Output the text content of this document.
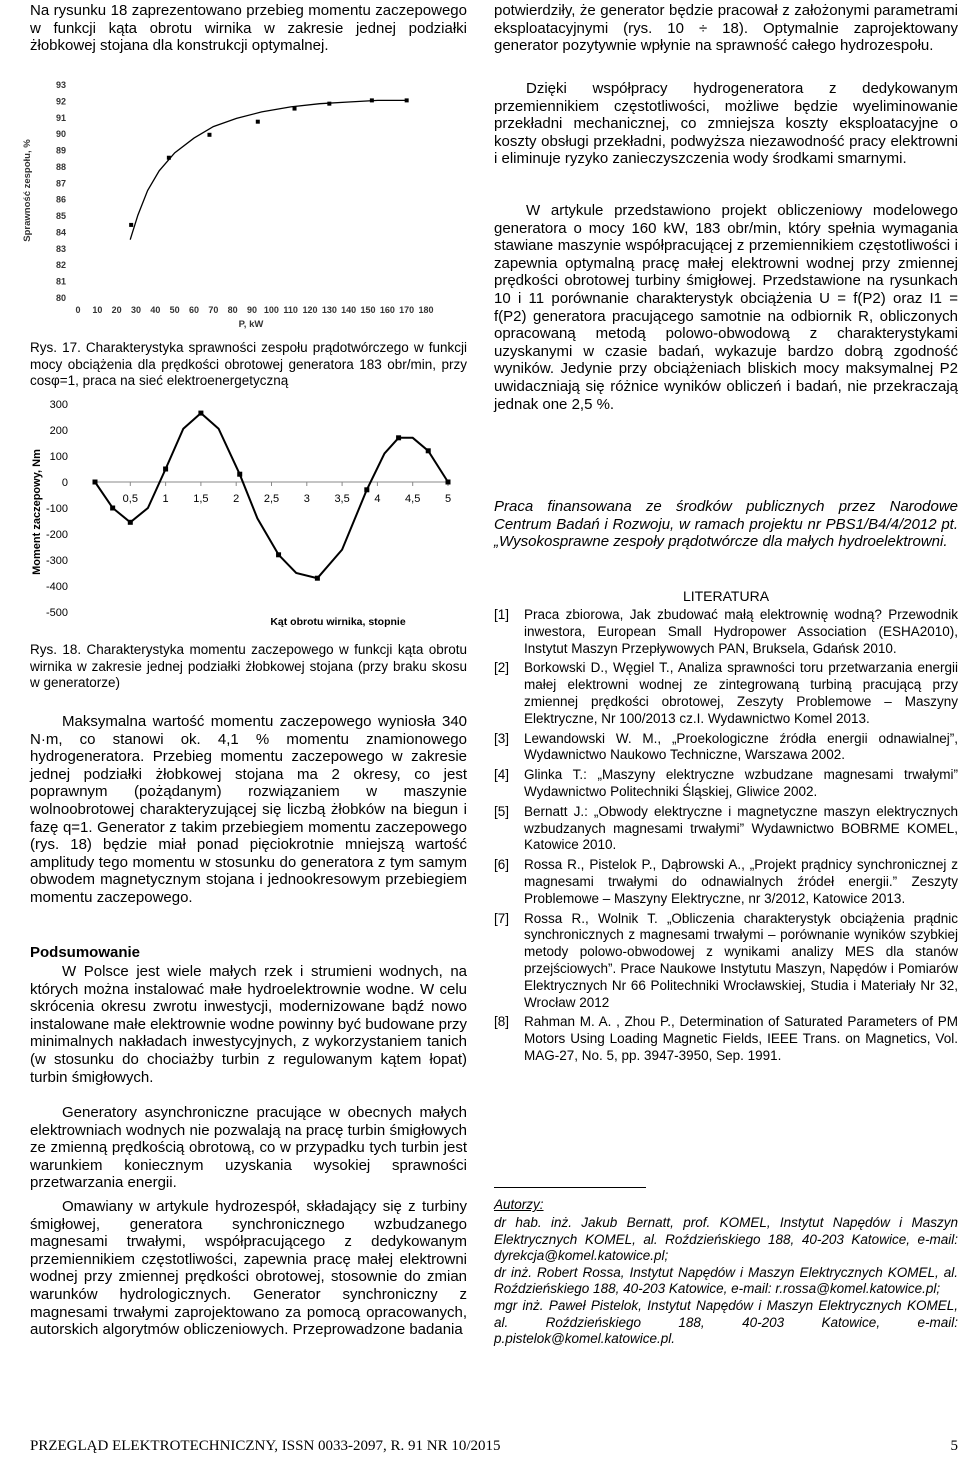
Na rysunku 18 zaprezentowano przebieg momentu zaczepowego w funkcji kąta obrotu wirnika w zakresie jednej podziałki żłobkowej stojana dla konstrukcji optymalnej.

80
81
82
83
84
85
86
87
88
89
90
91
92
93
0 10 20 30 40 50 60 70 80 90 100 110 120 130 140 150 160 170 180
Sprawność zespołu, %
P, kW

Rys. 17. Charakterystyka sprawności zespołu prądotwórczego w funkcji mocy obciążenia dla prędkości obrotowej generatora 183 obr/min, przy cosφ=1, praca na sieć elektroenergetyczną

300
200
100
0
-100
-200
-300
-400
-500
0,5 1 1,5 2 2,5 3 3,5 4 4,5 5
Moment zaczepowy, Nm
Kąt obrotu wirnika, stopnie

Rys. 18. Charakterystyka momentu zaczepowego w funkcji kąta obrotu wirnika w zakresie jednej podziałki żłobkowej stojana (przy braku skosu w generatorze)

Maksymalna wartość momentu zaczepowego wyniosła 340 N·m, co stanowi ok. 4,1 % momentu znamionowego hydrogeneratora. Przebieg momentu zaczepowego w zakresie jednej podziałki żłobkowej stojana ma 2 okresy, co jest poprawnym (pożądanym) rozwiązaniem w maszynie wolnoobrotowej charakteryzującej się liczbą żłobków na biegun i fazę q=1. Generator z takim przebiegiem momentu zaczepowego (rys. 18) będzie miał ponad pięciokrotnie mniejszą wartość amplitudy tego momentu w stosunku do generatora z tym samym obwodem magnetycznym stojana i jednookresowym przebiegiem momentu zaczepowego.

Podsumowanie

W Polsce jest wiele małych rzek i strumieni wodnych, na których można instalować małe hydroelektrownie wodne. W celu skrócenia okresu zwrotu inwestycji, modernizowane bądź nowo instalowane małe elektrownie wodne powinny być budowane przy minimalnych nakładach inwestycyjnych, z wykorzystaniem tanich (w stosunku do chociażby turbin z regulowanym kątem łopat) turbin śmigłowych.

Generatory asynchroniczne pracujące w obecnych małych elektrowniach wodnych nie pozwalają na pracę turbin śmigłowych ze zmienną prędkością obrotową, co w przypadku tych turbin jest warunkiem koniecznym uzyskania wysokiej sprawności przetwarzania energii.

Omawiany w artykule hydrozespół, składający się z turbiny śmigłowej, generatora synchronicznego wzbudzanego magnesami trwałymi, współpracującego z dedykowanym przemiennikiem częstotliwości, zapewnia pracę małej elektrowni wodnej przy zmiennej prędkości obrotowej, stosownie do zmian warunków hydrologicznych. Generator synchroniczny z magnesami trwałymi zaprojektowano za pomocą opracowanych, autorskich algorytmów obliczeniowych. Przeprowadzone badania

potwierdziły, że generator będzie pracował z założonymi parametrami eksploatacyjnymi (rys. 10 ÷ 18). Optymalnie zaprojektowany generator pozytywnie wpłynie na sprawność całego hydrozespołu.

Dzięki współpracy hydrogeneratora z dedykowanym przemiennikiem częstotliwości, możliwe będzie wyeliminowanie przekładni mechanicznej, co zmniejsza koszty eksploatacyjne o koszty obsługi przekładni, podwyższa niezawodność pracy elektrowni i eliminuje ryzyko zanieczyszczenia wody środkami smarnymi.

W artykule przedstawiono projekt obliczeniowy modelowego generatora o mocy 160 kW, 183 obr/min, który spełnia wymagania stawiane maszynie współpracującej z przemiennikiem częstotliwości i zapewnia optymalną pracę małej elektrowni wodnej przy zmiennej prędkości obrotowej turbiny śmigłowej. Przedstawione na rysunkach 10 i 11 porównanie charakterystyk obciążenia U = f(P2) oraz I1 = f(P2) generatora pracującego samotnie na odbiornik R, obliczonych opracowaną metodą polowo-obwodową z charakterystykami uzyskanymi w czasie badań, wykazuje bardzo dobrą zgodność wyników. Jedynie przy obciążeniach bliskich mocy maksymalnej P2 uwidaczniają się różnice wyników obliczeń i badań, nie przekraczają jednak one 2,5 %.

Praca finansowana ze środków publicznych przez Narodowe Centrum Badań i Rozwoju, w ramach projektu nr PBS1/B4/4/2012 pt. „Wysokosprawne zespoły prądotwórcze dla małych hydroelektrowni.

LITERATURA

[1] Praca zbiorowa, Jak zbudować małą elektrownię wodną? Przewodnik inwestora, European Small Hydropower Association (ESHA2010), Instytut Maszyn Przepływowych PAN, Bruksela, Gdańsk 2010.
[2] Borkowski D., Węgiel T., Analiza sprawności toru przetwarzania energii małej elektrowni wodnej ze zintegrowaną turbiną pracującą przy zmiennej prędkości obrotowej, Zeszyty Problemowe – Maszyny Elektryczne, Nr 100/2013 cz.I. Wydawnictwo Komel 2013.
[3] Lewandowski W. M., „Proekologiczne źródła energii odnawialnej”, Wydawnictwo Naukowo Techniczne, Warszawa 2002.
[4] Glinka T.: „Maszyny elektryczne wzbudzane magnesami trwałymi” Wydawnictwo Politechniki Śląskiej, Gliwice 2002.
[5] Bernatt J.: „Obwody elektryczne i magnetyczne maszyn elektrycznych wzbudzanych magnesami trwałymi” Wydawnictwo BOBRME KOMEL, Katowice 2010.
[6] Rossa R., Pistelok P., Dąbrowski A., „Projekt prądnicy synchronicznej z magnesami trwałymi do odnawialnych źródeł energii.” Zeszyty Problemowe – Maszyny Elektryczne, nr 3/2012, Katowice 2013.
[7] Rossa R., Wolnik T. „Obliczenia charakterystyk obciążenia prądnic synchronicznych z magnesami trwałymi – porównanie wyników szybkiej metody polowo-obwodowej z wynikami analizy MES dla stanów przejściowych”. Prace Naukowe Instytutu Maszyn, Napędów i Pomiarów Elektrycznych Nr 66 Politechniki Wrocławskiej, Studia i Materiały Nr 32, Wrocław 2012
[8] Rahman M. A. , Zhou P., Determination of Saturated Parameters of PM Motors Using Loading Magnetic Fields, IEEE Trans. on Magnetics, Vol. MAG-27, No. 5, pp. 3947-3950, Sep. 1991.

Autorzy:

dr hab. inż. Jakub Bernatt, prof. KOMEL, Instytut Napędów i Maszyn Elektrycznych KOMEL, al. Roździeńskiego 188, 40-203 Katowice, e-mail: dyrekcja@komel.katowice.pl;

dr inż. Robert Rossa, Instytut Napędów i Maszyn Elektrycznych KOMEL, al. Roździeńskiego 188, 40-203 Katowice, e-mail: r.rossa@komel.katowice.pl;

mgr inż. Paweł Pistelok, Instytut Napędów i Maszyn Elektrycznych KOMEL, al. Roździeńskiego 188, 40-203 Katowice, e-mail: p.pistelok@komel.katowice.pl.

PRZEGLĄD ELEKTROTECHNICZNY, ISSN 0033-2097, R. 91 NR 10/2015	5
